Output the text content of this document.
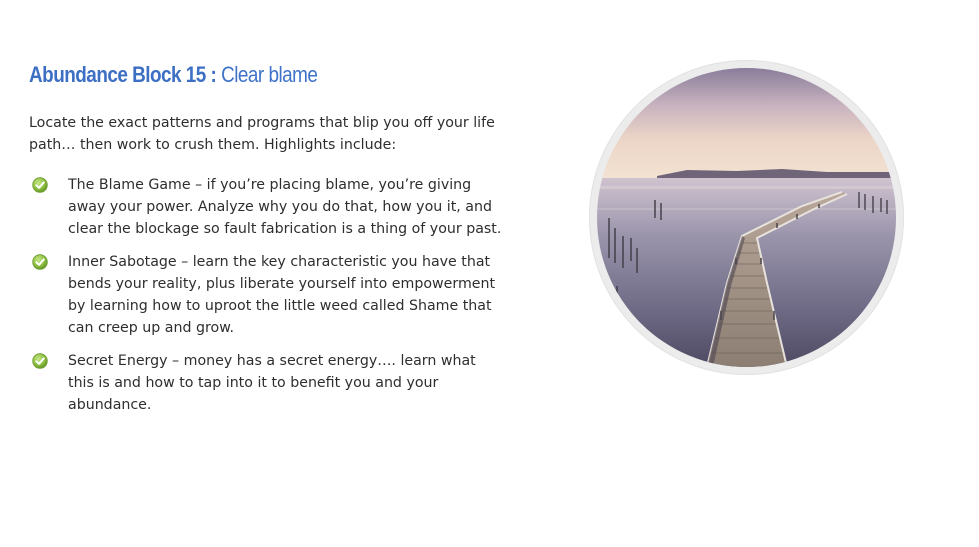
Abundance Block 15 : Clear blame

Locate the exact patterns and programs that blip you off your life path… then work to crush them. Highlights include:

The Blame Game – if you’re placing blame, you’re giving away your power. Analyze why you do that, how you it, and clear the blockage so fault fabrication is a thing of your past.
Inner Sabotage – learn the key characteristic you have that bends your reality, plus liberate yourself into empowerment by learning how to uproot the little weed called Shame that can creep up and grow.
Secret Energy – money has a secret energy…. learn what this is and how to tap into it to benefit you and your abundance.
